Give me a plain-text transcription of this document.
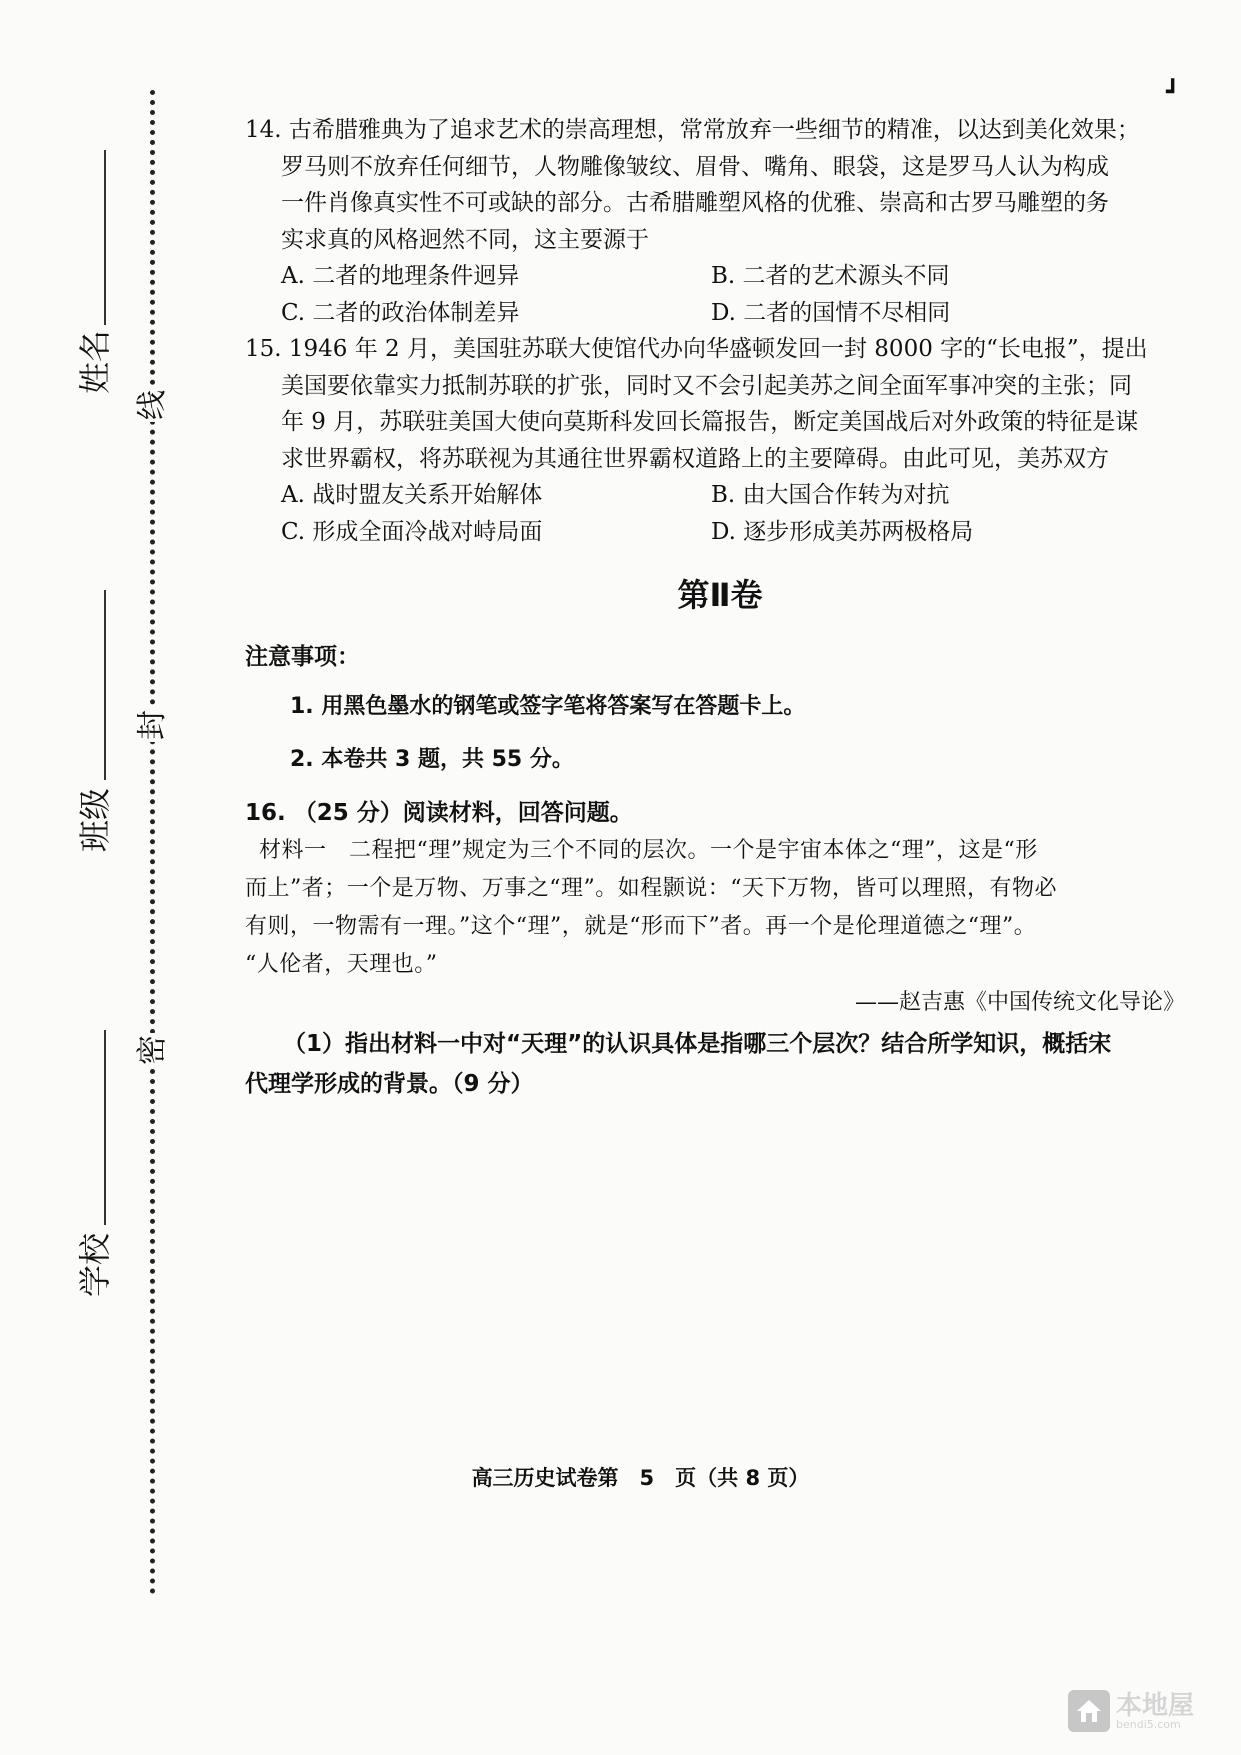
线
封
密
姓名
班级
学校
┛

14. 古希腊雅典为了追求艺术的崇高理想，常常放弃一些细节的精准，以达到美化效果；

罗马则不放弃任何细节，人物雕像皱纹、眉骨、嘴角、眼袋，这是罗马人认为构成

一件肖像真实性不可或缺的部分。古希腊雕塑风格的优雅、崇高和古罗马雕塑的务

实求真的风格迥然不同，这主要源于

A. 二者的地理条件迥异	B. 二者的艺术源头不同
C. 二者的政治体制差异	D. 二者的国情不尽相同

15. 1946 年 2 月，美国驻苏联大使馆代办向华盛顿发回一封 8000 字的“长电报”，提出

美国要依靠实力抵制苏联的扩张，同时又不会引起美苏之间全面军事冲突的主张；同

年 9 月，苏联驻美国大使向莫斯科发回长篇报告，断定美国战后对外政策的特征是谋

求世界霸权，将苏联视为其通往世界霸权道路上的主要障碍。由此可见，美苏双方

A. 战时盟友关系开始解体	B. 由大国合作转为对抗
C. 形成全面冷战对峙局面	D. 逐步形成美苏两极格局
第Ⅱ卷

注意事项：

1. 用黑色墨水的钢笔或签字笔将答案写在答题卡上。

2. 本卷共 3 题，共 55 分。

16. （25 分）阅读材料，回答问题。

材料一　二程把“理”规定为三个不同的层次。一个是宇宙本体之“理”，这是“形

而上”者；一个是万物、万事之“理”。如程颢说：“天下万物，皆可以理照，有物必

有则，一物需有一理。”这个“理”，就是“形而下”者。再一个是伦理道德之“理”。

“人伦者，天理也。”

——赵吉惠《中国传统文化导论》

（1）指出材料一中对“天理”的认识具体是指哪三个层次？结合所学知识，概括宋

代理学形成的背景。（9 分）

高三历史试卷第　5　页（共 8 页）
本地屋
bendi5.com
